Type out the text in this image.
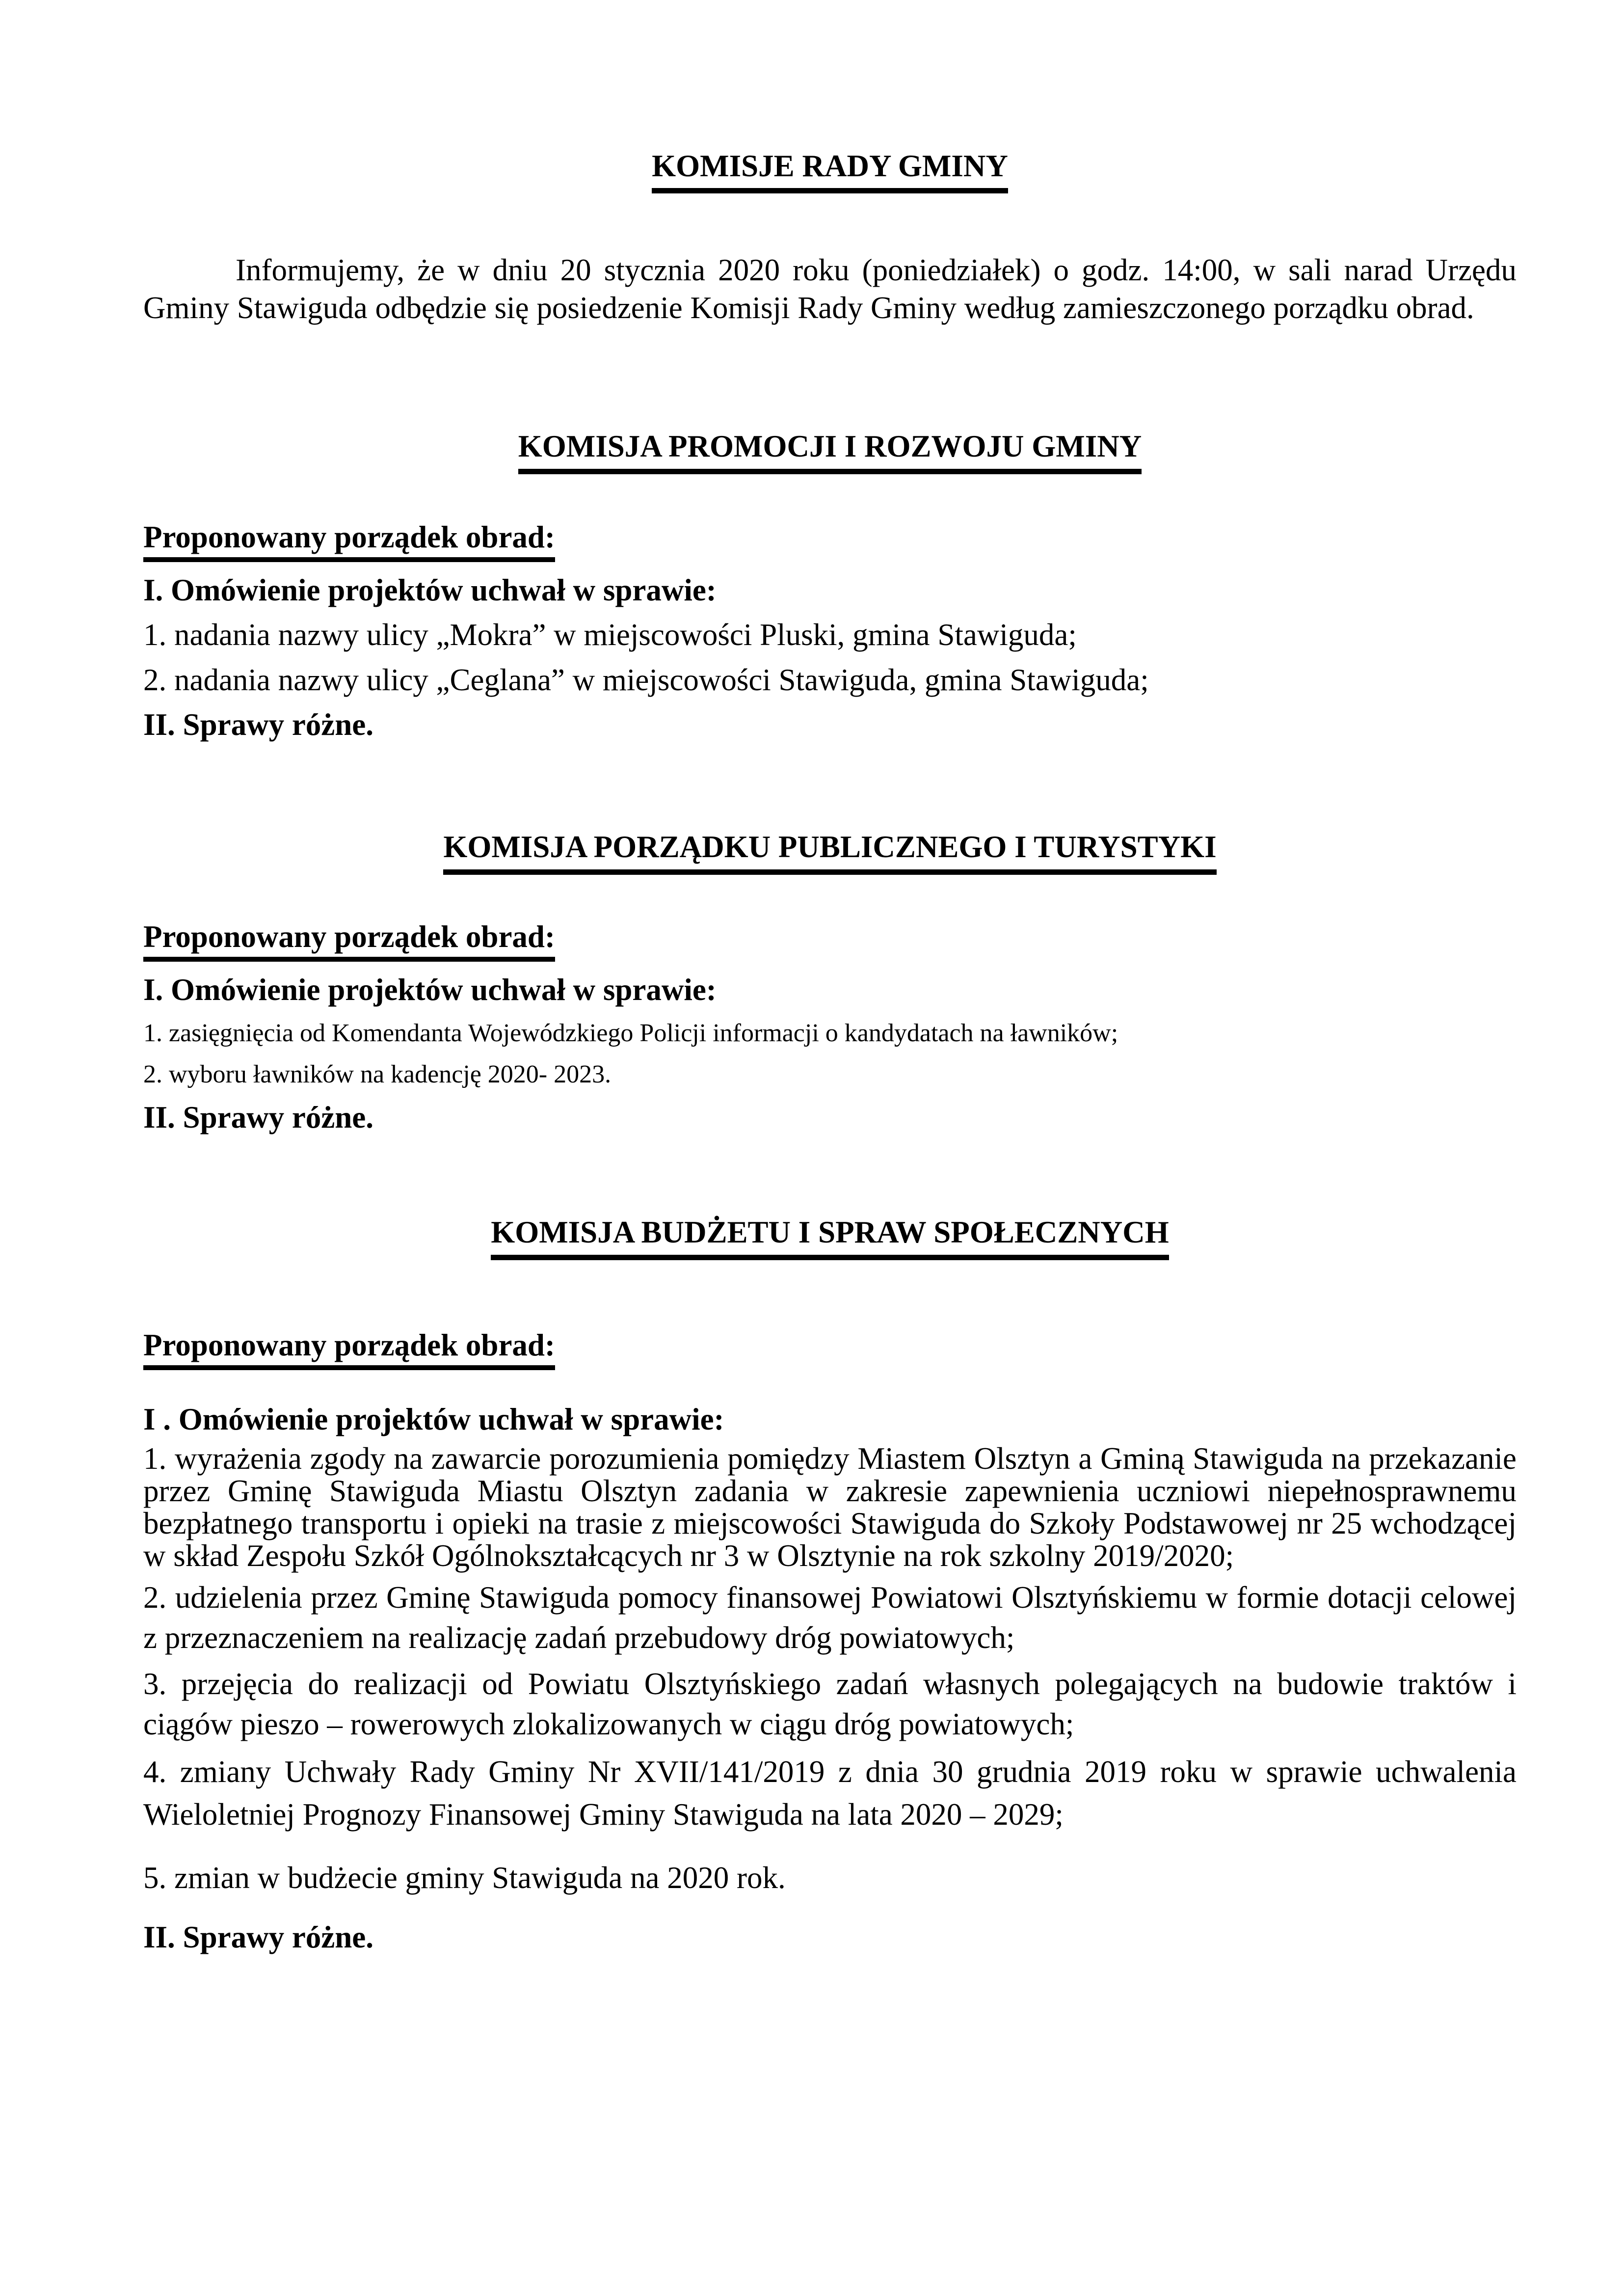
KOMISJE RADY GMINY

Informujemy, że w dniu 20 stycznia 2020 roku (poniedziałek) o godz. 14:00, w sali narad Urzędu Gminy Stawiguda odbędzie się posiedzenie Komisji Rady Gminy według zamieszczonego porządku obrad.

KOMISJA PROMOCJI I ROZWOJU GMINY

Proponowany porządek obrad:

I. Omówienie projektów uchwał w sprawie:

1. nadania nazwy ulicy „Mokra” w miejscowości Pluski, gmina Stawiguda;

2. nadania nazwy ulicy „Ceglana” w miejscowości Stawiguda, gmina Stawiguda;

II. Sprawy różne.

KOMISJA PORZĄDKU PUBLICZNEGO I TURYSTYKI

Proponowany porządek obrad:

I. Omówienie projektów uchwał w sprawie:

1. zasięgnięcia od Komendanta Wojewódzkiego Policji informacji o kandydatach na ławników;

2. wyboru ławników na kadencję 2020- 2023.

II. Sprawy różne.

KOMISJA BUDŻETU I SPRAW SPOŁECZNYCH

Proponowany porządek obrad:

I . Omówienie projektów uchwał w sprawie:

1. wyrażenia zgody na zawarcie porozumienia pomiędzy Miastem Olsztyn a Gminą Stawiguda na przekazanie przez Gminę Stawiguda Miastu Olsztyn zadania w zakresie zapewnienia uczniowi niepełnosprawnemu bezpłatnego transportu i opieki na trasie z miejscowości Stawiguda do Szkoły Podstawowej nr 25 wchodzącej w skład Zespołu Szkół Ogólnokształcących nr 3 w Olsztynie na rok szkolny 2019/2020;

2. udzielenia przez Gminę Stawiguda pomocy finansowej Powiatowi Olsztyńskiemu w formie dotacji celowej z przeznaczeniem na realizację zadań przebudowy dróg powiatowych;

3. przejęcia do realizacji od Powiatu Olsztyńskiego zadań własnych polegających na budowie traktów i ciągów pieszo – rowerowych zlokalizowanych w ciągu dróg powiatowych;

4. zmiany Uchwały Rady Gminy Nr XVII/141/2019 z dnia 30 grudnia 2019 roku w sprawie uchwalenia Wieloletniej Prognozy Finansowej Gminy Stawiguda na lata 2020 – 2029;

5. zmian w budżecie gminy Stawiguda na 2020 rok.

II. Sprawy różne.
